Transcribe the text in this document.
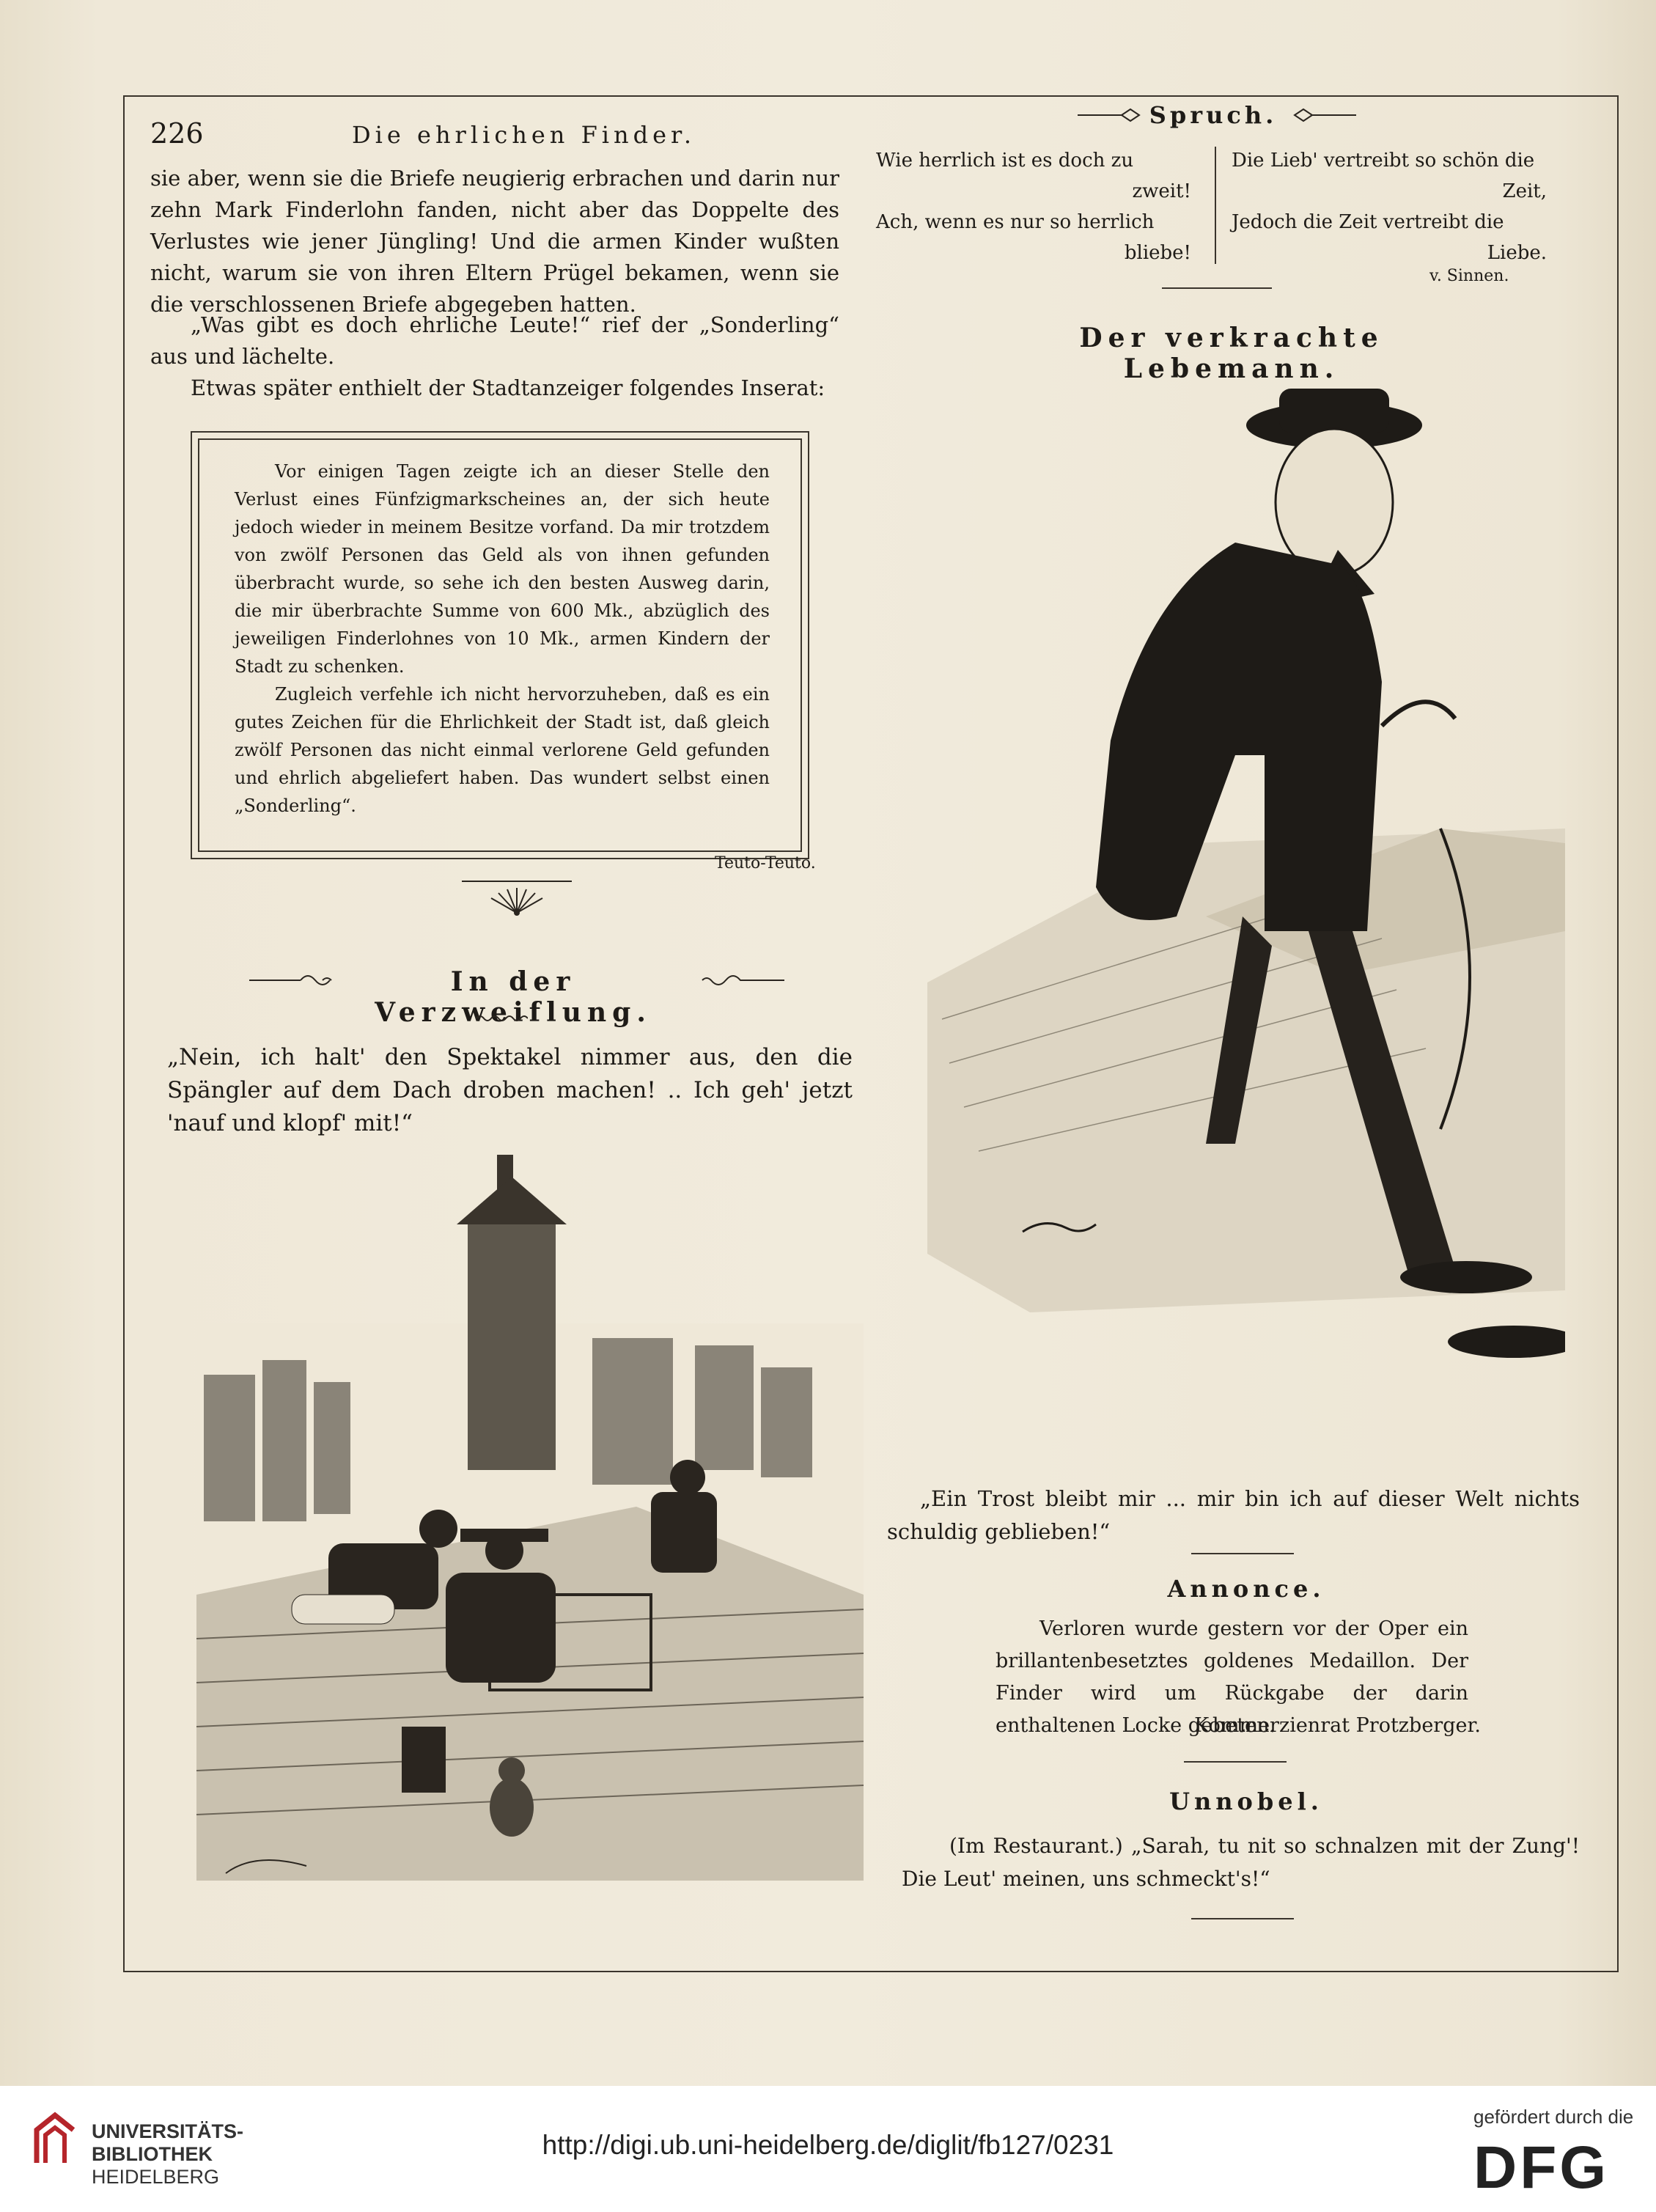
226	Die ehrlichen Finder.

sie aber, wenn sie die Briefe neugierig erbrachen und darin nur zehn Mark Finderlohn fanden, nicht aber das Doppelte des Verlustes wie jener Jüngling! Und die armen Kinder wußten nicht, warum sie von ihren Eltern Prügel bekamen, wenn sie die verschlossenen Briefe abgegeben hatten.

„Was gibt es doch ehrliche Leute!“ rief der „Sonderling“ aus und lächelte.

Etwas später enthielt der Stadtanzeiger folgendes Inserat:

Vor einigen Tagen zeigte ich an dieser Stelle den Verlust eines Fünfzigmarkscheines an, der sich heute jedoch wieder in meinem Besitze vorfand. Da mir trotzdem von zwölf Personen das Geld als von ihnen gefunden überbracht wurde, so sehe ich den besten Ausweg darin, die mir überbrachte Summe von 600 Mk., abzüglich des jeweiligen Finderlohnes von 10 Mk., armen Kindern der Stadt zu schenken.

Zugleich verfehle ich nicht hervorzuheben, daß es ein gutes Zeichen für die Ehrlichkeit der Stadt ist, daß gleich zwölf Personen das nicht einmal verlorene Geld gefunden und ehrlich abgeliefert haben. Das wundert selbst einen „Sonderling“.

Teuto-Teuto.
In der Verzweiflung.
„Nein, ich halt' den Spektakel nimmer aus, den die Spängler auf dem Dach droben machen! .. Ich geh' jetzt 'nauf und klopf' mit!“
Spruch.
Wie herrlich ist es doch zu
zweit!
Ach, wenn es nur so herrlich
bliebe!
Die Lieb' vertreibt so schön die
Zeit,
Jedoch die Zeit vertreibt die
Liebe.
v. Sinnen.
Der verkrachte Lebemann.
„Ein Trost bleibt mir ... mir bin ich auf dieser Welt nichts schuldig geblieben!“
Annonce.
Verloren wurde gestern vor der Oper ein brillantenbesetztes goldenes Medaillon. Der Finder wird um Rückgabe der darin enthaltenen Locke gebeten.
Kommerzienrat Protzberger.
Unnobel.
(Im Restaurant.) „Sarah, tu nit so schnalzen mit der Zung'! Die Leut' meinen, uns schmeckt's!“
UNIVERSITÄTS-
BIBLIOTHEK
HEIDELBERG
http://digi.ub.uni-heidelberg.de/diglit/fb127/0231
gefördert durch die
DFG
